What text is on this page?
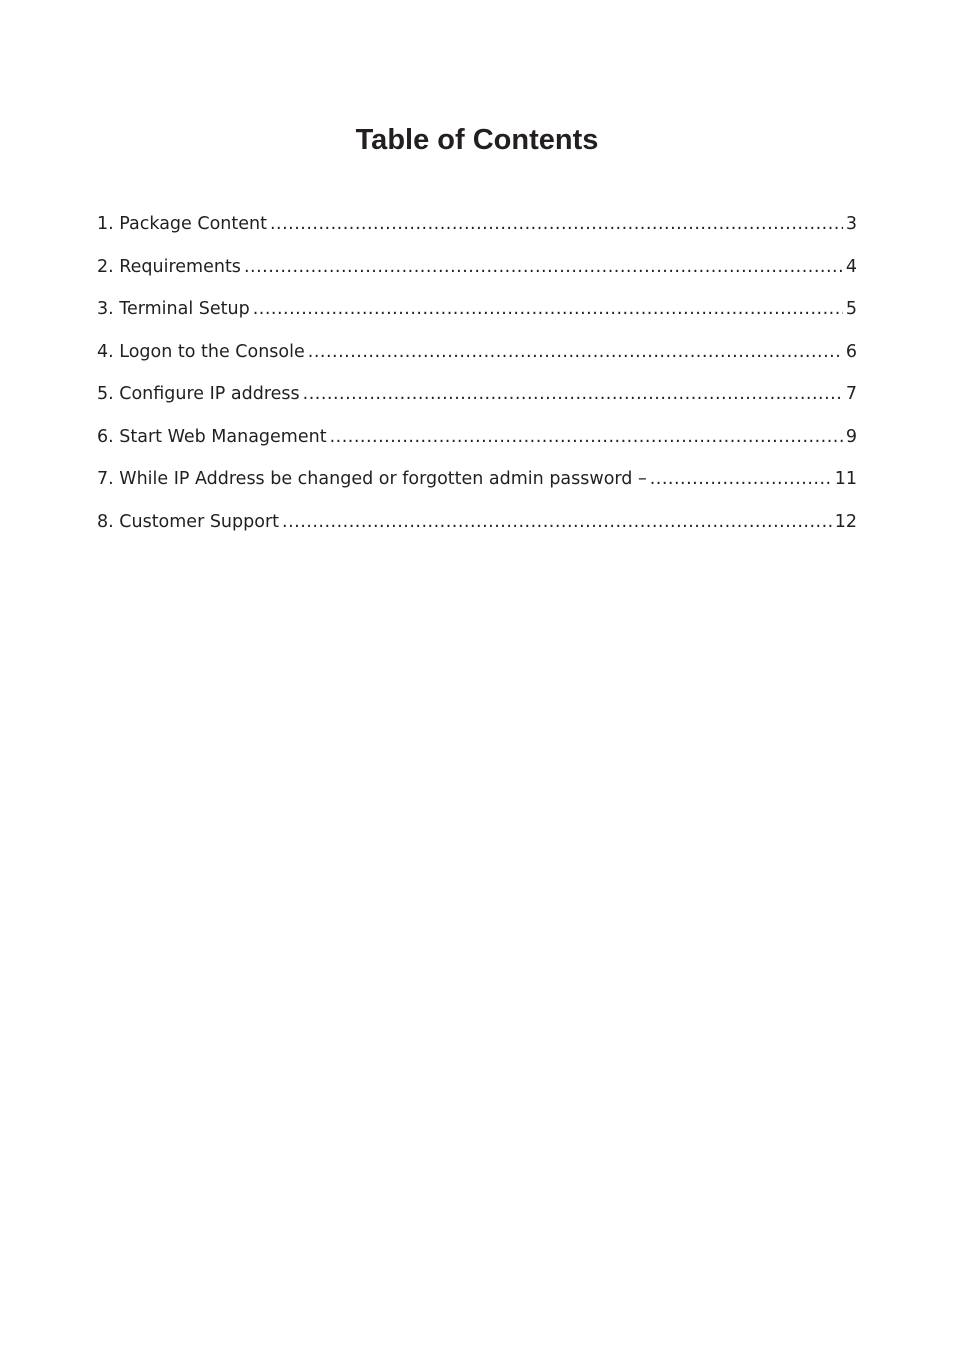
Table of Contents
1. Package Content .....	3
2. Requirements .....	4
3. Terminal Setup .....	5
4. Logon to the Console .....	6
5. Configure IP address .....	7
6. Start Web Management .....	9
7. While IP Address be changed or forgotten admin password – .....	11
8. Customer Support .....	12
